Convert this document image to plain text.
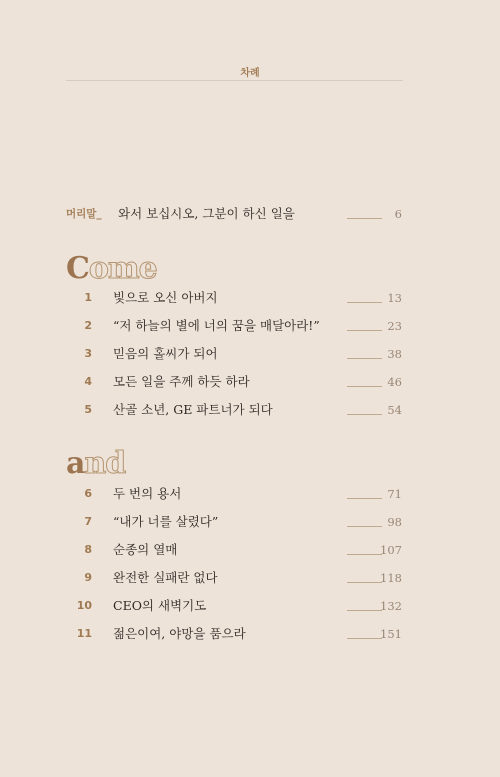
차례
머리말_ 와서 보십시오, 그분이 하신 일을	6
Come
1 빛으로 오신 아버지	13
2 “저 하늘의 별에 너의 꿈을 매달아라!”	23
3 믿음의 홀씨가 되어	38
4 모든 일을 주께 하듯 하라	46
5 산골 소년, GE 파트너가 되다	54
and
6 두 번의 용서	71
7 “내가 너를 살렸다”	98
8 순종의 열매	107
9 완전한 실패란 없다	118
10 CEO의 새벽기도	132
11 젊은이여, 야망을 품으라	151
